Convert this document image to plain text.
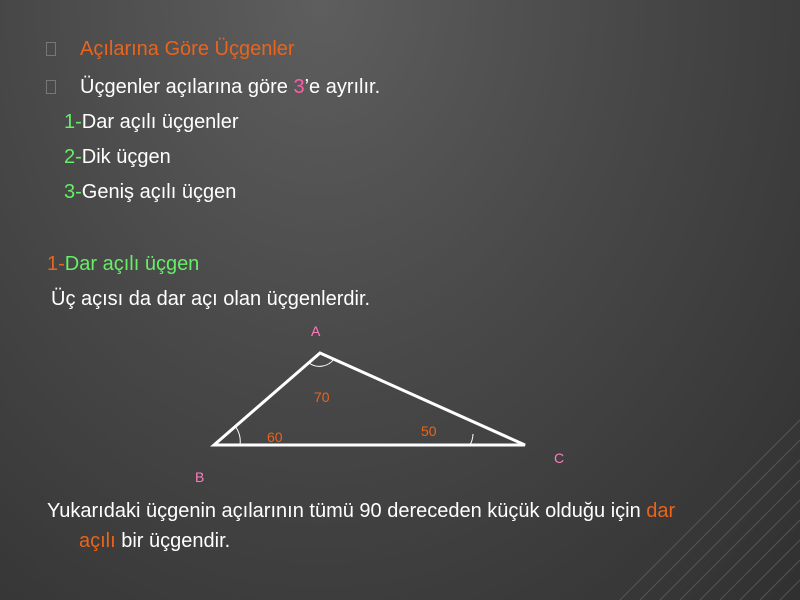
Açılarına Göre Üçgenler
Üçgenler açılarına göre 3’e ayrılır.
1-Dar açılı üçgenler
2-Dik üçgen
3-Geniş açılı üçgen
1-Dar açılı üçgen
Üç açısı da dar açı olan üçgenlerdir.
A
70
60	50
B
C
Yukarıdaki üçgenin açılarının tümü 90 dereceden küçük olduğu için dar
açılı bir üçgendir.
